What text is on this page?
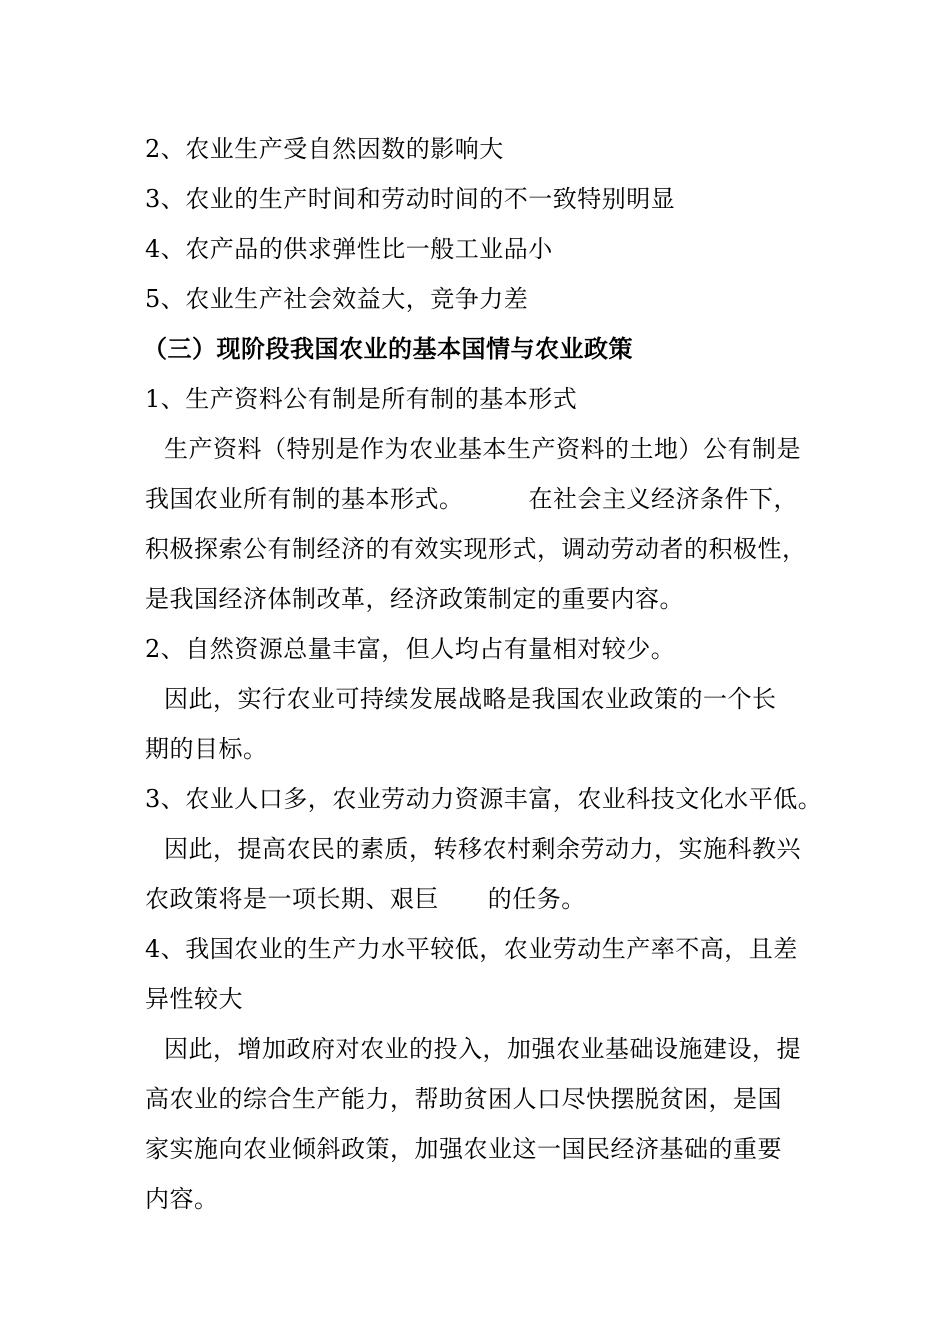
2、农业生产受自然因数的影响大
3、农业的生产时间和劳动时间的不一致特别明显
4、农产品的供求弹性比一般工业品小
5、农业生产社会效益大，竞争力差
（三）现阶段我国农业的基本国情与农业政策
1、生产资料公有制是所有制的基本形式
生产资料（特别是作为农业基本生产资料的土地）公有制是
我国农业所有制的基本形式。        在社会主义经济条件下，
积极探索公有制经济的有效实现形式，调动劳动者的积极性，
是我国经济体制改革，经济政策制定的重要内容。
2、自然资源总量丰富，但人均占有量相对较少。
因此，实行农业可持续发展战略是我国农业政策的一个长
期的目标。
3、农业人口多，农业劳动力资源丰富，农业科技文化水平低。
因此，提高农民的素质，转移农村剩余劳动力，实施科教兴
农政策将是一项长期、艰巨      的任务。
4、我国农业的生产力水平较低，农业劳动生产率不高，且差
异性较大
因此，增加政府对农业的投入，加强农业基础设施建设，提
高农业的综合生产能力，帮助贫困人口尽快摆脱贫困，是国
家实施向农业倾斜政策，加强农业这一国民经济基础的重要
内容。
